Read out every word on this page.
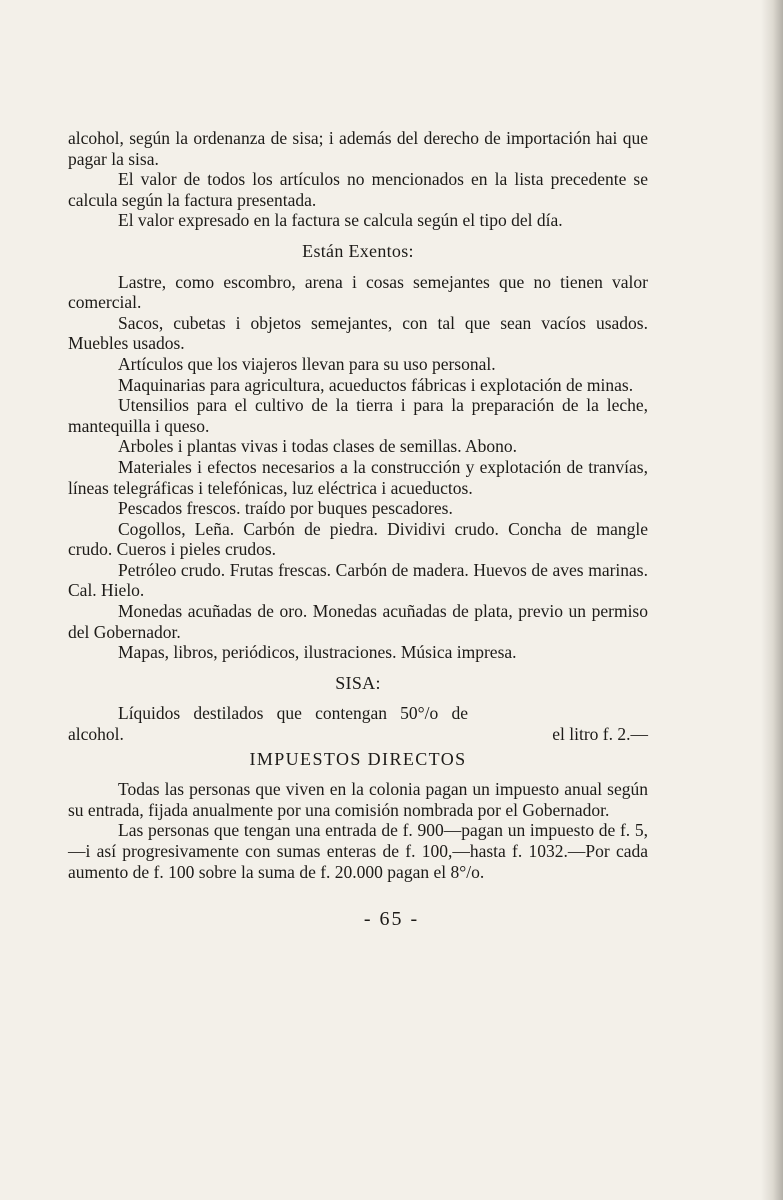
alcohol, según la ordenanza de sisa; i además del derecho de importación hai que pagar la sisa.

El valor de todos los artículos no mencionados en la lista precedente se calcula según la factura presentada.

El valor expresado en la factura se calcula según el tipo del día.

Están Exentos:

Lastre, como escombro, arena i cosas semejantes que no tienen valor comercial.

Sacos, cubetas i objetos semejantes, con tal que sean vacíos usados. Muebles usados.

Artículos que los viajeros llevan para su uso personal.

Maquinarias para agricultura, acueductos fábricas i explotación de minas.

Utensilios para el cultivo de la tierra i para la preparación de la leche, mantequilla i queso.

Arboles i plantas vivas i todas clases de semillas. Abono.

Materiales i efectos necesarios a la construcción y explotación de tranvías, líneas telegráficas i telefónicas, luz eléctrica i acueductos.

Pescados frescos. traído por buques pescadores.

Cogollos, Leña. Carbón de piedra. Dividivi crudo. Concha de mangle crudo. Cueros i pieles crudos.

Petróleo crudo. Frutas frescas. Carbón de madera. Huevos de aves marinas. Cal. Hielo.

Monedas acuñadas de oro. Monedas acuñadas de plata, previo un permiso del Gobernador.

Mapas, libros, periódicos, ilustraciones. Música impresa.

SISA:

Líquidos destilados que contengan 50°/o de alcohol.	el litro f. 2.—

IMPUESTOS DIRECTOS

Todas las personas que viven en la colonia pagan un impuesto anual según su entrada, fijada anualmente por una comisión nombrada por el Gobernador.

Las personas que tengan una entrada de f. 900—pagan un impuesto de f. 5,—i así progresivamente con sumas enteras de f. 100,—hasta f. 1032.—Por cada aumento de f. 100 sobre la suma de f. 20.000 pagan el 8°/o.

- 65 -
